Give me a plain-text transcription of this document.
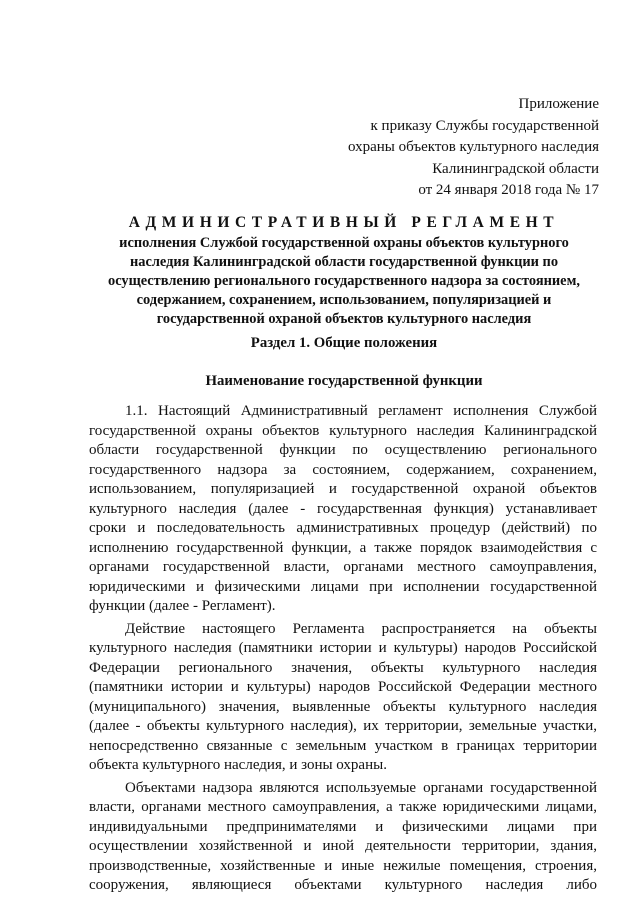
Приложение
к приказу Службы государственной
охраны объектов культурного наследия
Калининградской области
от 24 января 2018 года № 17
АДМИНИСТРАТИВНЫЙ РЕГЛАМЕНТ
исполнения Службой государственной охраны объектов культурного
наследия Калининградской области государственной функции по
осуществлению регионального государственного надзора за состоянием,
содержанием, сохранением, использованием, популяризацией и
государственной охраной объектов культурного наследия
Раздел 1. Общие положения
Наименование государственной функции
1.1. Настоящий Административный регламент исполнения Службой
государственной охраны объектов культурного наследия Калининградской
области государственной функции по осуществлению регионального
государственного надзора за состоянием, содержанием, сохранением,
использованием, популяризацией и государственной охраной объектов
культурного наследия (далее - государственная функция) устанавливает
сроки и последовательность административных процедур (действий) по
исполнению государственной функции, а также порядок взаимодействия с
органами государственной власти, органами местного самоуправления,
юридическими и физическими лицами при исполнении государственной
функции (далее - Регламент).
Действие настоящего Регламента распространяется на объекты
культурного наследия (памятники истории и культуры) народов Российской
Федерации регионального значения, объекты культурного наследия
(памятники истории и культуры) народов Российской Федерации местного
(муниципального) значения, выявленные объекты культурного наследия
(далее - объекты культурного наследия), их территории, земельные участки,
непосредственно связанные с земельным участком в границах территории
объекта культурного наследия, и зоны охраны.
Объектами надзора являются используемые органами государственной
власти, органами местного самоуправления, а также юридическими лицами,
индивидуальными предпринимателями и физическими лицами при
осуществлении хозяйственной и иной деятельности территории, здания,
производственные, хозяйственные и иные нежилые помещения, строения,
сооружения, являющиеся объектами культурного наследия либо
